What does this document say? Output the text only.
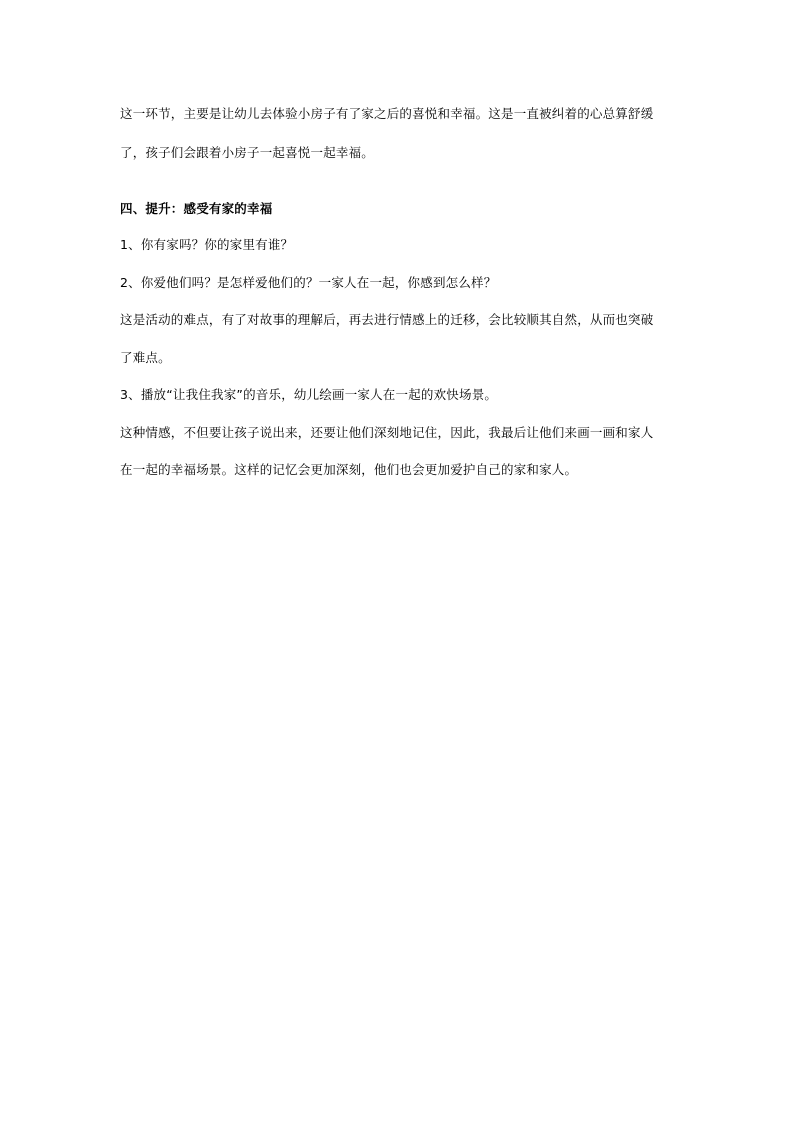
这一环节，主要是让幼儿去体验小房子有了家之后的喜悦和幸福。这是一直被纠着的心总算舒缓
了，孩子们会跟着小房子一起喜悦一起幸福。
四、提升：感受有家的幸福
1、你有家吗？你的家里有谁？
2、你爱他们吗？是怎样爱他们的？一家人在一起，你感到怎么样？
这是活动的难点，有了对故事的理解后，再去进行情感上的迁移，会比较顺其自然，从而也突破
了难点。
3、播放“让我住我家”的音乐，幼儿绘画一家人在一起的欢快场景。
这种情感，不但要让孩子说出来，还要让他们深刻地记住，因此，我最后让他们来画一画和家人
在一起的幸福场景。这样的记忆会更加深刻，他们也会更加爱护自己的家和家人。
